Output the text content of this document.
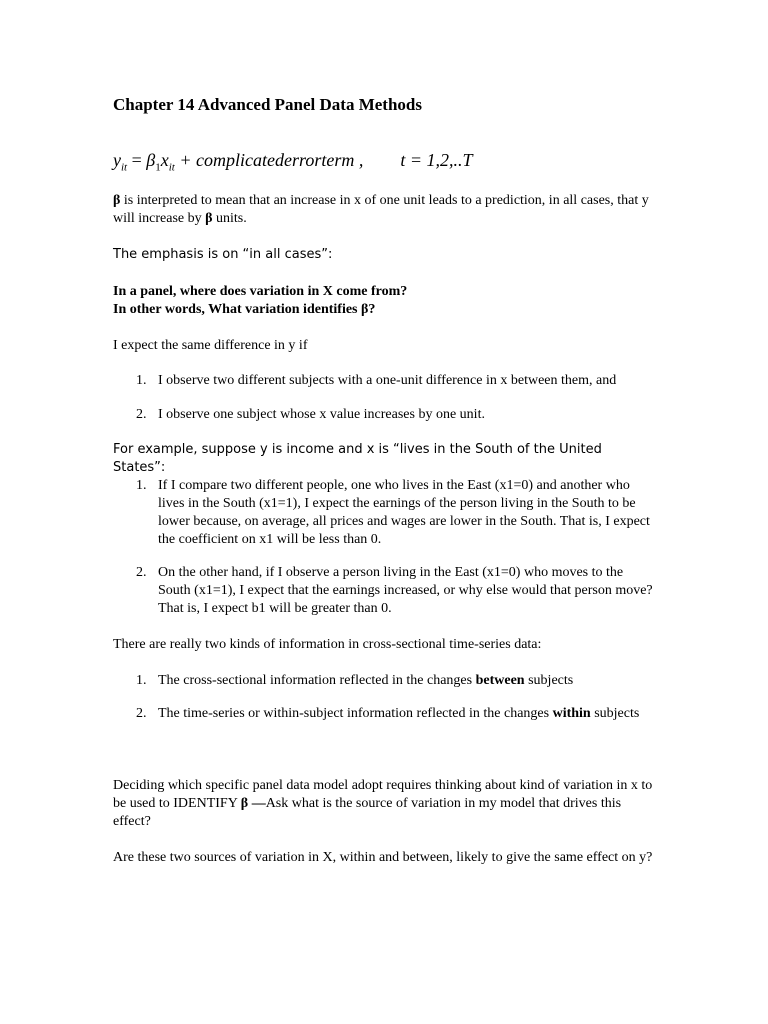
Chapter 14 Advanced Panel Data Methods
$y_{it} = \beta_1x_{it}$ + complicatederrorterm , t = 1,2,..T

β is interpreted to mean that an increase in x of one unit leads to a prediction, in all cases, that y will increase by β units.

The emphasis is on “in all cases”:

In a panel, where does variation in X come from?
In other words, What variation identifies β?

I expect the same difference in y if

1. I observe two different subjects with a one-unit difference in x between them, and
2. I observe one subject whose x value increases by one unit.

For example, suppose y is income and x is “lives in the South of the United States”:

1. If I compare two different people, one who lives in the East (x1=0) and another who lives in the South (x1=1), I expect the earnings of the person living in the South to be lower because, on average, all prices and wages are lower in the South. That is, I expect the coefficient on x1 will be less than 0.
2. On the other hand, if I observe a person living in the East (x1=0) who moves to the South (x1=1), I expect that the earnings increased, or why else would that person move? That is, I expect b1 will be greater than 0.

There are really two kinds of information in cross-sectional time-series data:

1. The cross-sectional information reflected in the changes between subjects
2. The time-series or within-subject information reflected in the changes within subjects

Deciding which specific panel data model adopt requires thinking about kind of variation in x to be used to IDENTIFY β —Ask what is the source of variation in my model that drives this effect?

Are these two sources of variation in X, within and between, likely to give the same effect on y?
